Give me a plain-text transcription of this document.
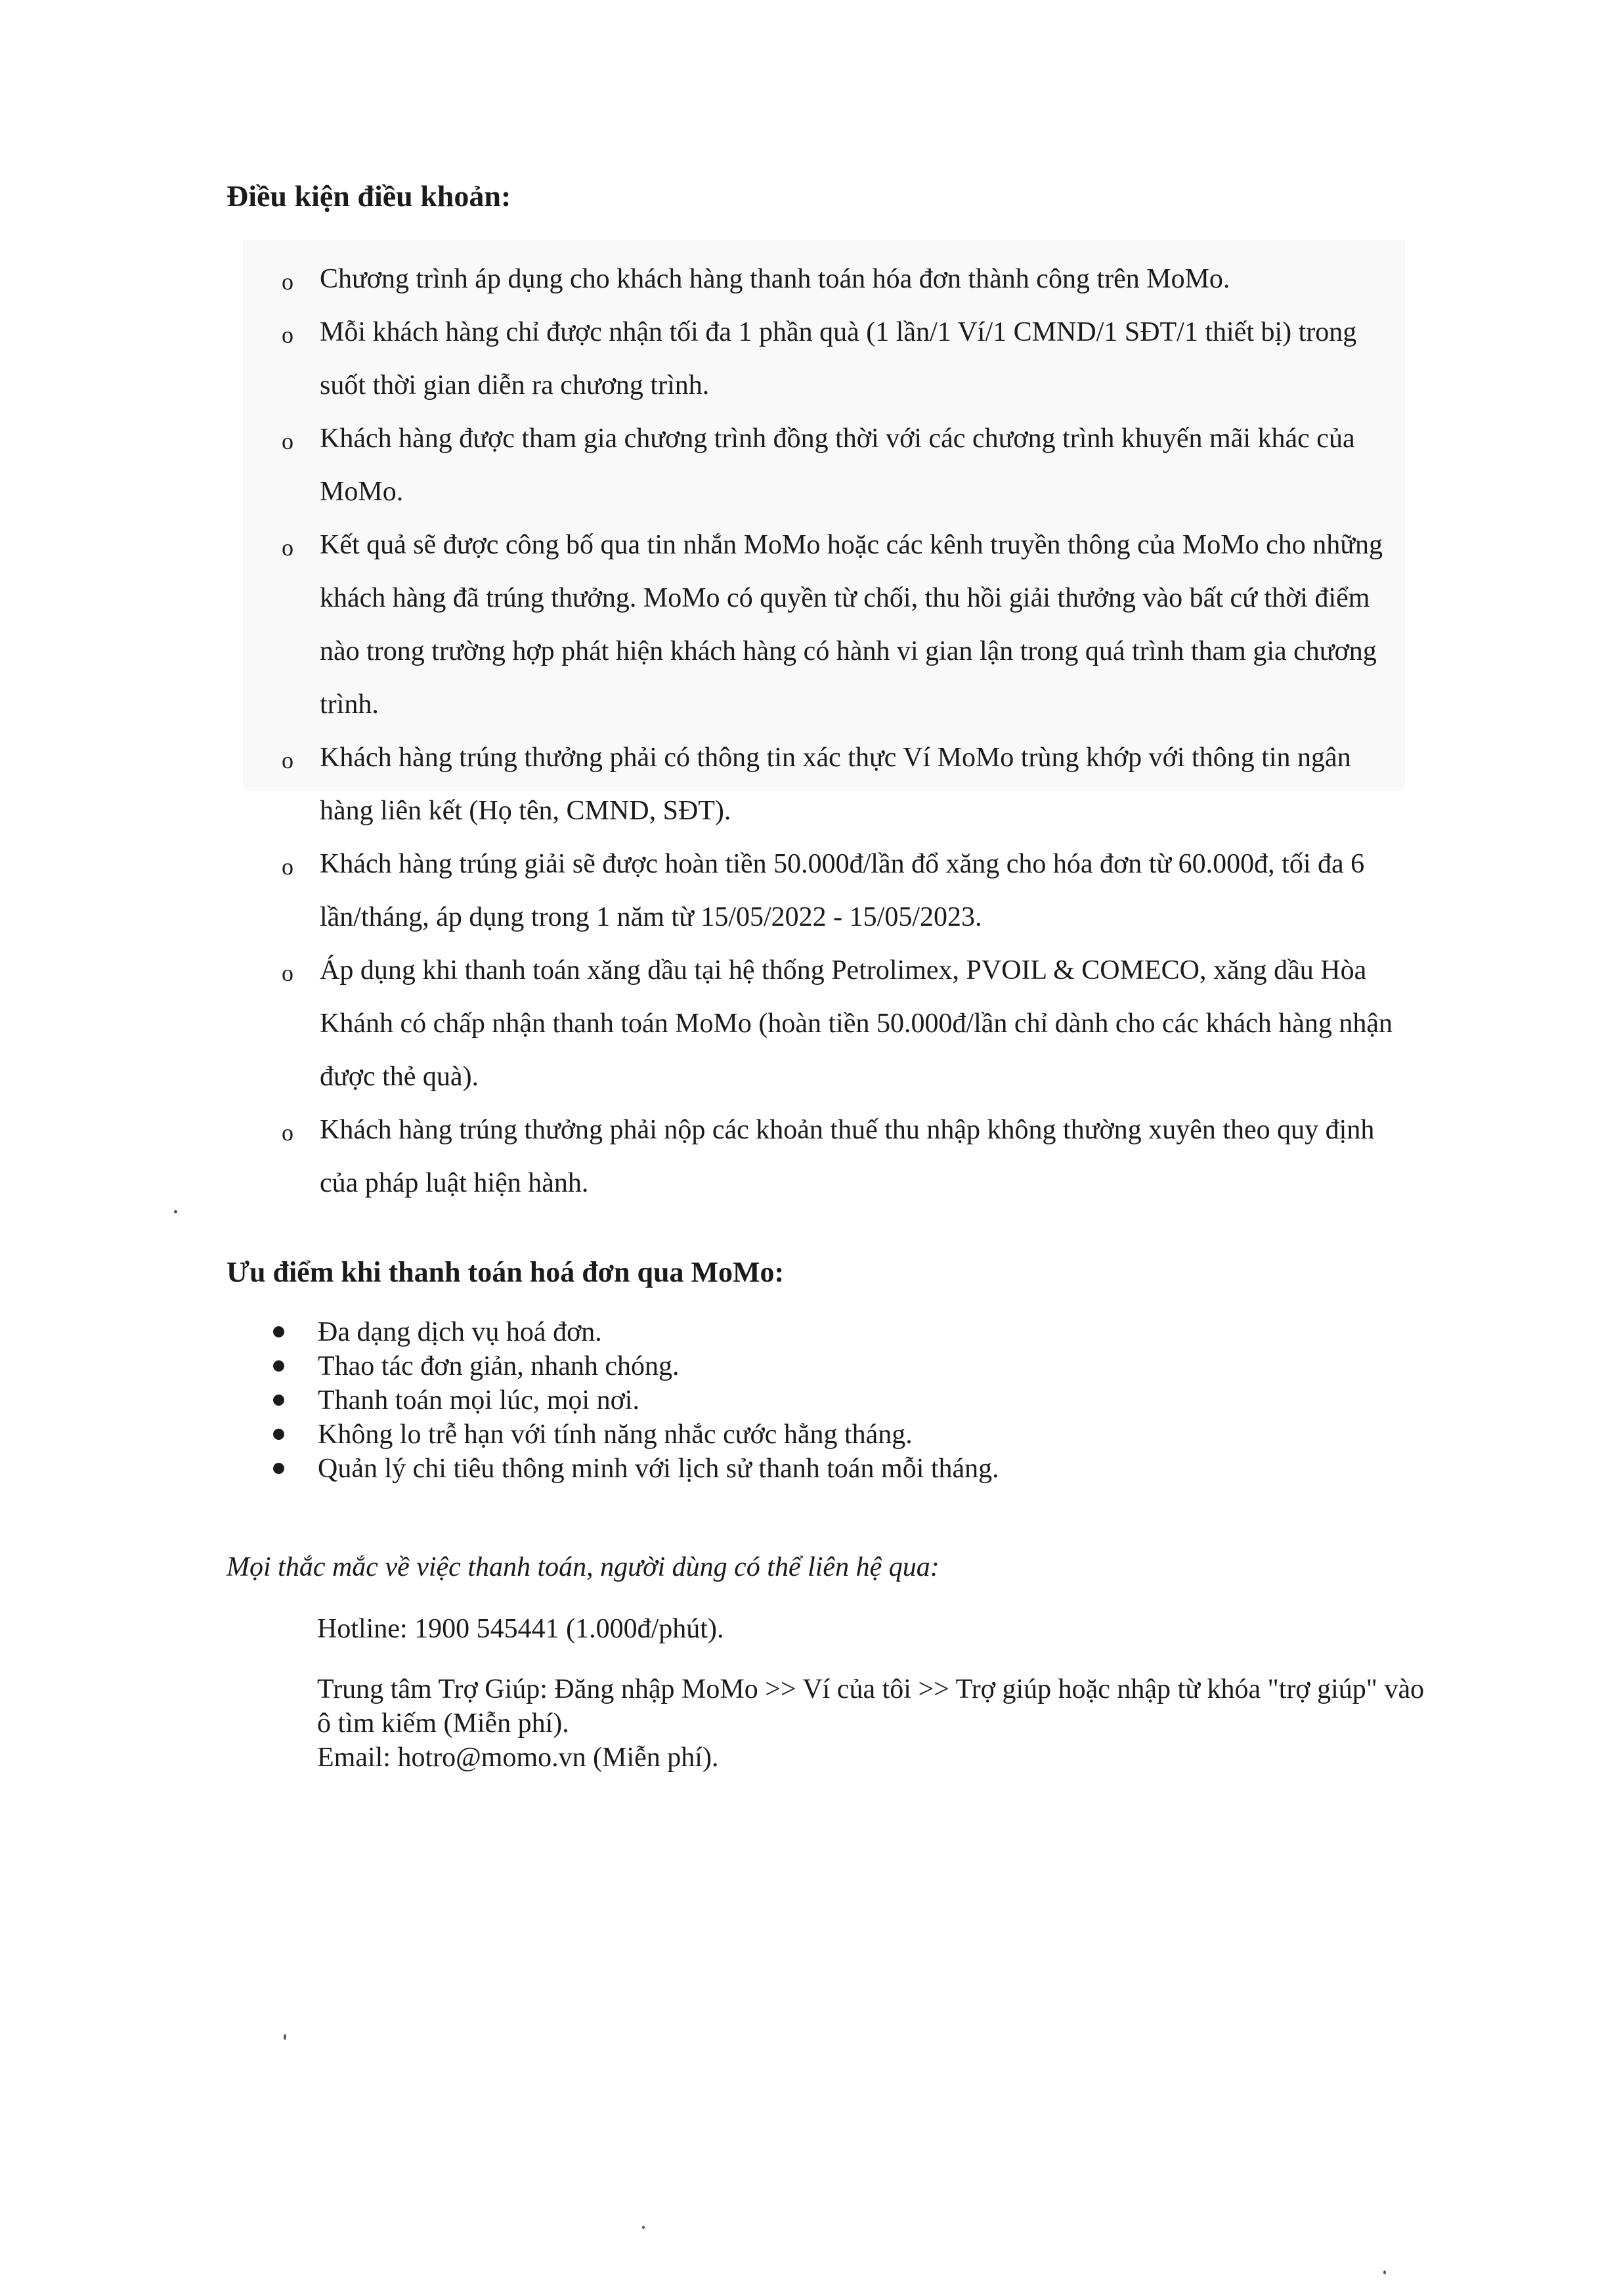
Điều kiện điều khoản:
o Chương trình áp dụng cho khách hàng thanh toán hóa đơn thành công trên MoMo.
o Mỗi khách hàng chỉ được nhận tối đa 1 phần quà (1 lần/1 Ví/1 CMND/1 SĐT/1 thiết bị) trong suốt thời gian diễn ra chương trình.
o Khách hàng được tham gia chương trình đồng thời với các chương trình khuyến mãi khác của MoMo.
o Kết quả sẽ được công bố qua tin nhắn MoMo hoặc các kênh truyền thông của MoMo cho những khách hàng đã trúng thưởng. MoMo có quyền từ chối, thu hồi giải thưởng vào bất cứ thời điểm nào trong trường hợp phát hiện khách hàng có hành vi gian lận trong quá trình tham gia chương trình.
o Khách hàng trúng thưởng phải có thông tin xác thực Ví MoMo trùng khớp với thông tin ngân hàng liên kết (Họ tên, CMND, SĐT).
o Khách hàng trúng giải sẽ được hoàn tiền 50.000đ/lần đổ xăng cho hóa đơn từ 60.000đ, tối đa 6 lần/tháng, áp dụng trong 1 năm từ 15/05/2022 - 15/05/2023.
o Áp dụng khi thanh toán xăng dầu tại hệ thống Petrolimex, PVOIL & COMECO, xăng dầu Hòa Khánh có chấp nhận thanh toán MoMo (hoàn tiền 50.000đ/lần chỉ dành cho các khách hàng nhận được thẻ quà).
o Khách hàng trúng thưởng phải nộp các khoản thuế thu nhập không thường xuyên theo quy định của pháp luật hiện hành.
Ưu điểm khi thanh toán hoá đơn qua MoMo:
Đa dạng dịch vụ hoá đơn.
Thao tác đơn giản, nhanh chóng.
Thanh toán mọi lúc, mọi nơi.
Không lo trễ hạn với tính năng nhắc cước hằng tháng.
Quản lý chi tiêu thông minh với lịch sử thanh toán mỗi tháng.

Mọi thắc mắc về việc thanh toán, người dùng có thể liên hệ qua:

Hotline: 1900 545441 (1.000đ/phút).

Trung tâm Trợ Giúp: Đăng nhập MoMo >> Ví của tôi >> Trợ giúp hoặc nhập từ khóa "trợ giúp" vào ô tìm kiếm (Miễn phí).

Email: hotro@momo.vn (Miễn phí).
